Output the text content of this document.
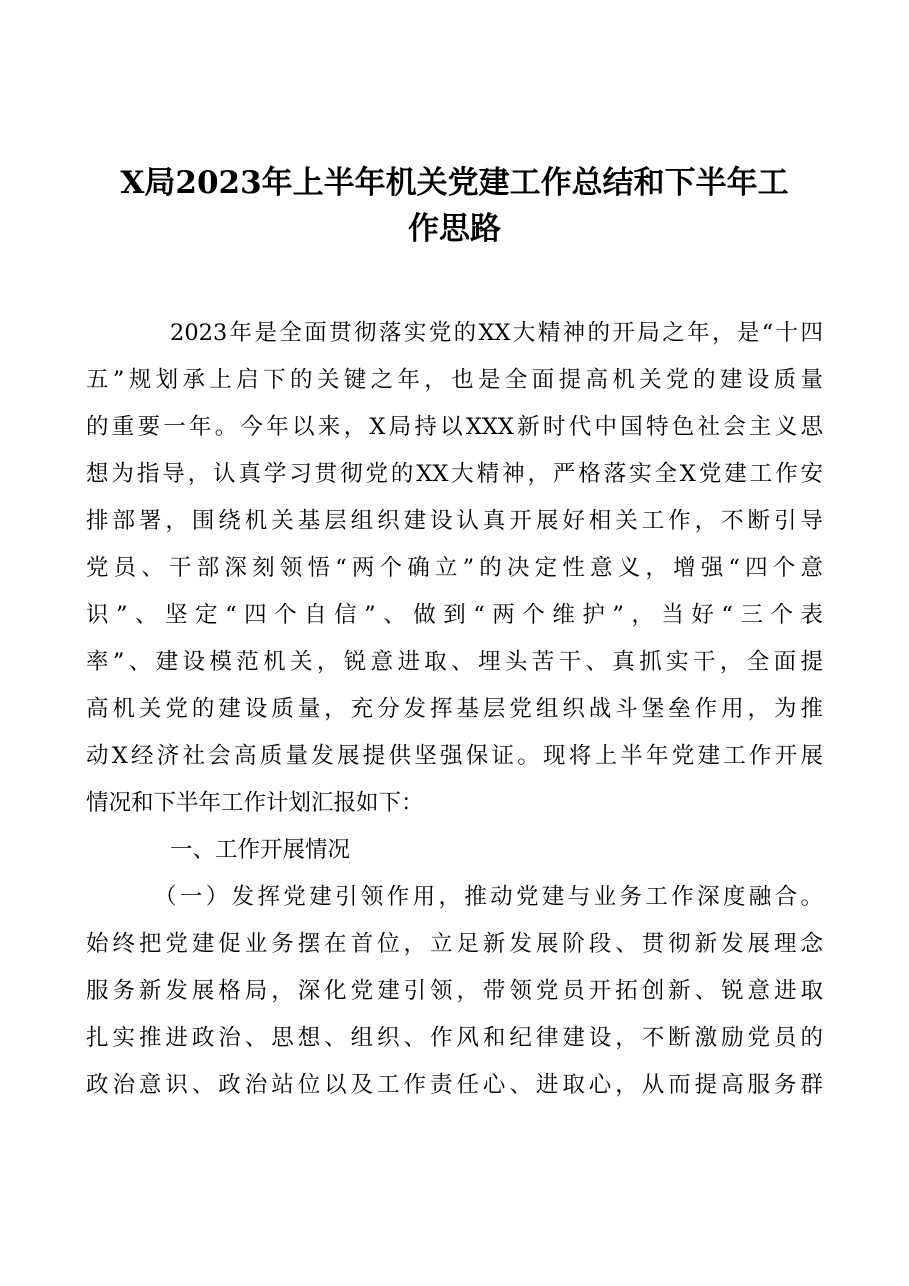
X局2023年上半年机关党建工作总结和下半年工
作思路
2023年是全面贯彻落实党的XX大精神的开局之年，是“十四
五”规划承上启下的关键之年，也是全面提高机关党的建设质量
的重要一年。今年以来，X局持以XXX新时代中国特色社会主义思
想为指导，认真学习贯彻党的XX大精神，严格落实全X党建工作安
排部署，围绕机关基层组织建设认真开展好相关工作，不断引导
党员、干部深刻领悟“两个确立”的决定性意义，增强“四个意
识”、坚定“四个自信”、做到“两个维护”，当好“三个表
率”、建设模范机关，锐意进取、埋头苦干、真抓实干，全面提
高机关党的建设质量，充分发挥基层党组织战斗堡垒作用，为推
动X经济社会高质量发展提供坚强保证。现将上半年党建工作开展
情况和下半年工作计划汇报如下：
一、工作开展情况
（一）发挥党建引领作用，推动党建与业务工作深度融合。
始终把党建促业务摆在首位，立足新发展阶段、贯彻新发展理念
服务新发展格局，深化党建引领，带领党员开拓创新、锐意进取
扎实推进政治、思想、组织、作风和纪律建设，不断激励党员的
政治意识、政治站位以及工作责任心、进取心，从而提高服务群
